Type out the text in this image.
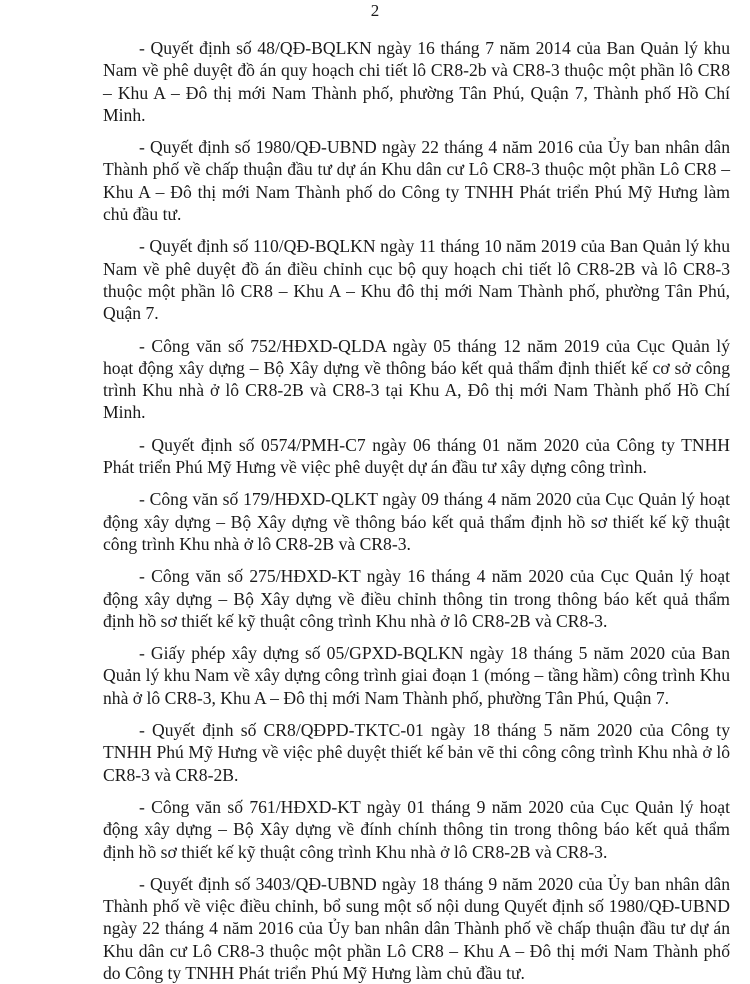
2

- Quyết định số 48/QĐ-BQLKN ngày 16 tháng 7 năm 2014 của Ban Quản lý khu Nam về phê duyệt đồ án quy hoạch chi tiết lô CR8-2b và CR8-3 thuộc một phần lô CR8 – Khu A – Đô thị mới Nam Thành phố, phường Tân Phú, Quận 7, Thành phố Hồ Chí Minh.

- Quyết định số 1980/QĐ-UBND ngày 22 tháng 4 năm 2016 của Ủy ban nhân dân Thành phố về chấp thuận đầu tư dự án Khu dân cư Lô CR8-3 thuộc một phần Lô CR8 – Khu A – Đô thị mới Nam Thành phố do Công ty TNHH Phát triển Phú Mỹ Hưng làm chủ đầu tư.

- Quyết định số 110/QĐ-BQLKN ngày 11 tháng 10 năm 2019 của Ban Quản lý khu Nam về phê duyệt đồ án điều chỉnh cục bộ quy hoạch chi tiết lô CR8-2B và lô CR8-3 thuộc một phần lô CR8 – Khu A – Khu đô thị mới Nam Thành phố, phường Tân Phú, Quận 7.

- Công văn số 752/HĐXD-QLDA ngày 05 tháng 12 năm 2019 của Cục Quản lý hoạt động xây dựng – Bộ Xây dựng về thông báo kết quả thẩm định thiết kế cơ sở công trình Khu nhà ở lô CR8-2B và CR8-3 tại Khu A, Đô thị mới Nam Thành phố Hồ Chí Minh.

- Quyết định số 0574/PMH-C7 ngày 06 tháng 01 năm 2020 của Công ty TNHH Phát triển Phú Mỹ Hưng về việc phê duyệt dự án đầu tư xây dựng công trình.

- Công văn số 179/HĐXD-QLKT ngày 09 tháng 4 năm 2020 của Cục Quản lý hoạt động xây dựng – Bộ Xây dựng về thông báo kết quả thẩm định hồ sơ thiết kế kỹ thuật công trình Khu nhà ở lô CR8-2B và CR8-3.

- Công văn số 275/HĐXD-KT ngày 16 tháng 4 năm 2020 của Cục Quản lý hoạt động xây dựng – Bộ Xây dựng về điều chỉnh thông tin trong thông báo kết quả thẩm định hồ sơ thiết kế kỹ thuật công trình Khu nhà ở lô CR8-2B và CR8-3.

- Giấy phép xây dựng số 05/GPXD-BQLKN ngày 18 tháng 5 năm 2020 của Ban Quản lý khu Nam về xây dựng công trình giai đoạn 1 (móng – tầng hầm) công trình Khu nhà ở lô CR8-3, Khu A – Đô thị mới Nam Thành phố, phường Tân Phú, Quận 7.

- Quyết định số CR8/QĐPD-TKTC-01 ngày 18 tháng 5 năm 2020 của Công ty TNHH Phú Mỹ Hưng về việc phê duyệt thiết kế bản vẽ thi công công trình Khu nhà ở lô CR8-3 và CR8-2B.

- Công văn số 761/HĐXD-KT ngày 01 tháng 9 năm 2020 của Cục Quản lý hoạt động xây dựng – Bộ Xây dựng về đính chính thông tin trong thông báo kết quả thẩm định hồ sơ thiết kế kỹ thuật công trình Khu nhà ở lô CR8-2B và CR8-3.

- Quyết định số 3403/QĐ-UBND ngày 18 tháng 9 năm 2020 của Ủy ban nhân dân Thành phố về việc điều chỉnh, bổ sung một số nội dung Quyết định số 1980/QĐ-UBND ngày 22 tháng 4 năm 2016 của Ủy ban nhân dân Thành phố về chấp thuận đầu tư dự án Khu dân cư Lô CR8-3 thuộc một phần Lô CR8 – Khu A – Đô thị mới Nam Thành phố do Công ty TNHH Phát triển Phú Mỹ Hưng làm chủ đầu tư.
